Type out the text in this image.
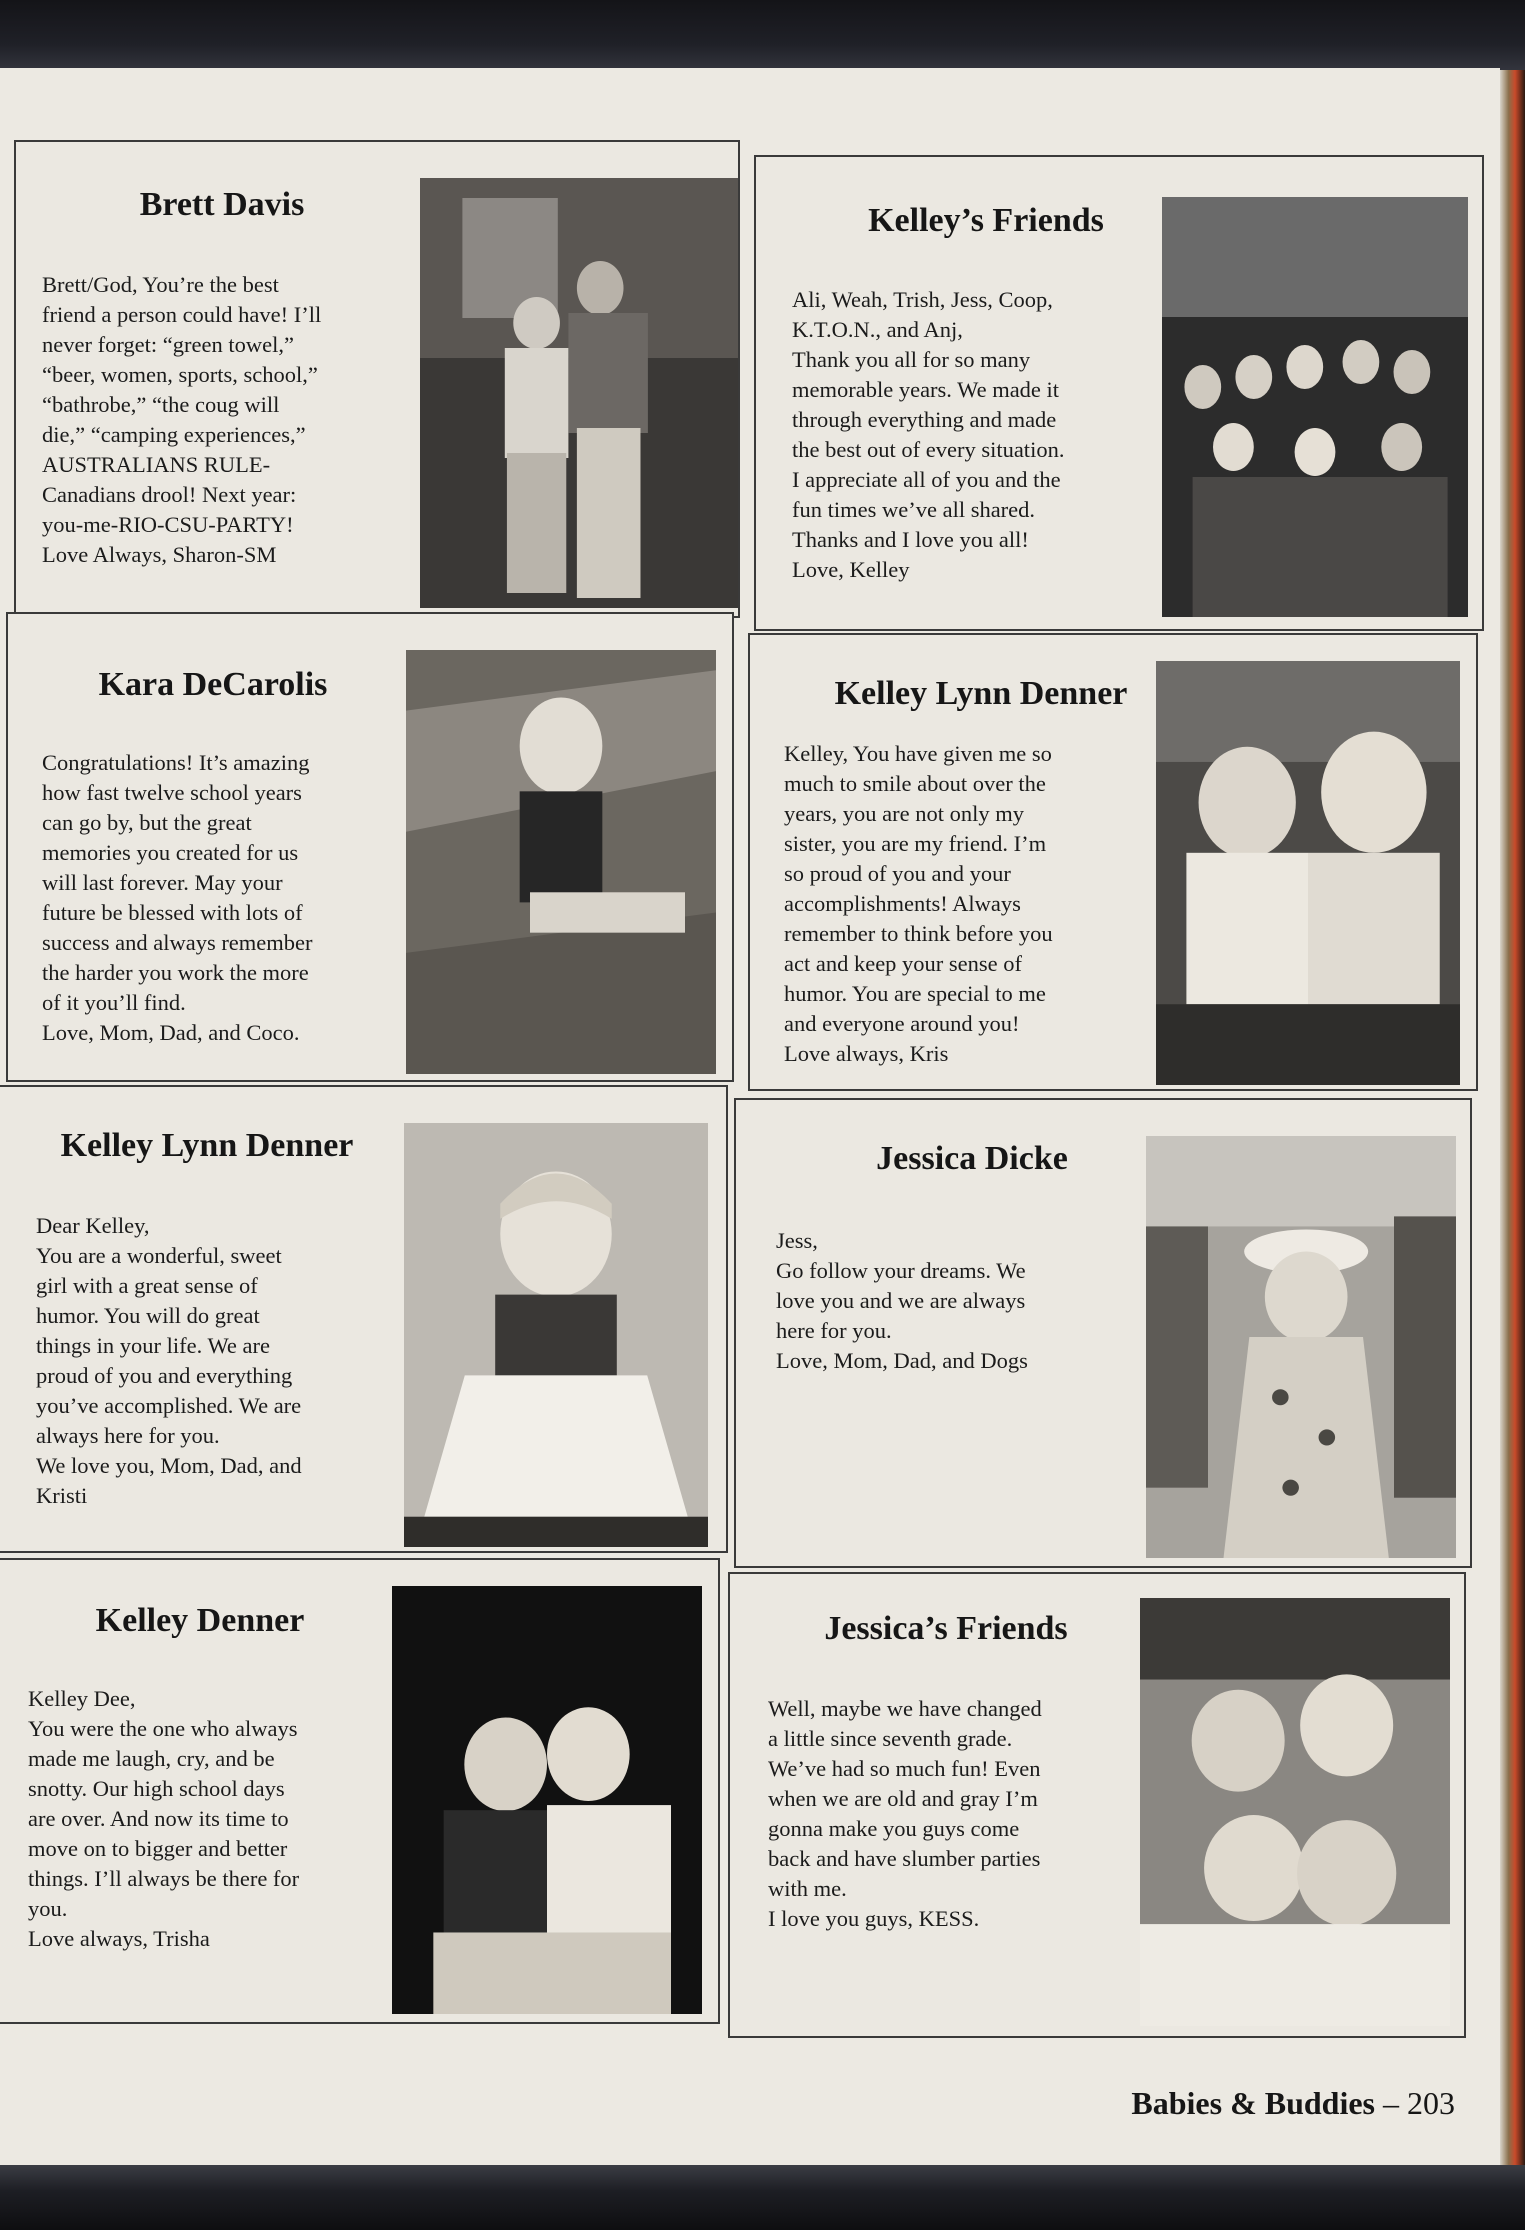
Brett Davis

Brett/God, You’re the best
friend a person could have! I’ll
never forget: “green towel,”
“beer, women, sports, school,”
“bathrobe,” “the coug will
die,” “camping experiences,”
AUSTRALIANS RULE-
Canadians drool! Next year:
you-me-RIO-CSU-PARTY!
Love Always, Sharon-SM

Kelley’s Friends

Ali, Weah, Trish, Jess, Coop,
K.T.O.N., and Anj,
Thank you all for so many
memorable years. We made it
through everything and made
the best out of every situation.
I appreciate all of you and the
fun times we’ve all shared.
Thanks and I love you all!
Love, Kelley

Kara DeCarolis

Congratulations! It’s amazing
how fast twelve school years
can go by, but the great
memories you created for us
will last forever. May your
future be blessed with lots of
success and always remember
the harder you work the more
of it you’ll find.
Love, Mom, Dad, and Coco.

Kelley Lynn Denner

Kelley, You have given me so
much to smile about over the
years, you are not only my
sister, you are my friend. I’m
so proud of you and your
accomplishments! Always
remember to think before you
act and keep your sense of
humor. You are special to me
and everyone around you!
Love always, Kris

Kelley Lynn Denner

Dear Kelley,
You are a wonderful, sweet
girl with a great sense of
humor. You will do great
things in your life. We are
proud of you and everything
you’ve accomplished. We are
always here for you.
We love you, Mom, Dad, and
Kristi

Jessica Dicke

Jess,
Go follow your dreams. We
love you and we are always
here for you.
Love, Mom, Dad, and Dogs

Kelley Denner

Kelley Dee,
You were the one who always
made me laugh, cry, and be
snotty. Our high school days
are over. And now its time to
move on to bigger and better
things. I’ll always be there for
you.
Love always, Trisha

Jessica’s Friends

Well, maybe we have changed
a little since seventh grade.
We’ve had so much fun! Even
when we are old and gray I’m
gonna make you guys come
back and have slumber parties
with me.
I love you guys, KESS.

Babies & Buddies – 203
